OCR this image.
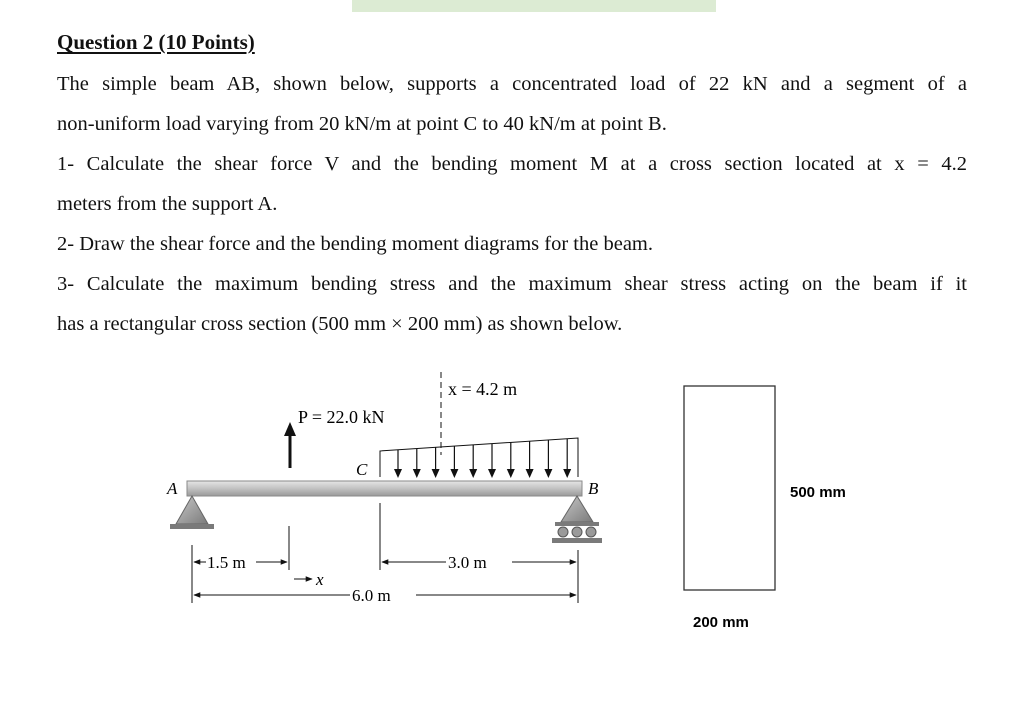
Question 2 (10 Points)
The simple beam AB, shown below, supports a concentrated load of 22 kN and a segment of a
non-uniform load varying from 20 kN/m at point C to 40 kN/m at point B.
1- Calculate the shear force V and the bending moment M at a cross section located at x = 4.2
meters from the support A.
2- Draw the shear force and the bending moment diagrams for the beam.
3- Calculate the maximum bending stress and the maximum shear stress acting on the beam if it
has a rectangular cross section (500 mm × 200 mm) as shown below.
A	B
C
P = 22.0 kN
x = 4.2 m
1.5 m	3.0 m
6.0 m
x
500 mm
200 mm
